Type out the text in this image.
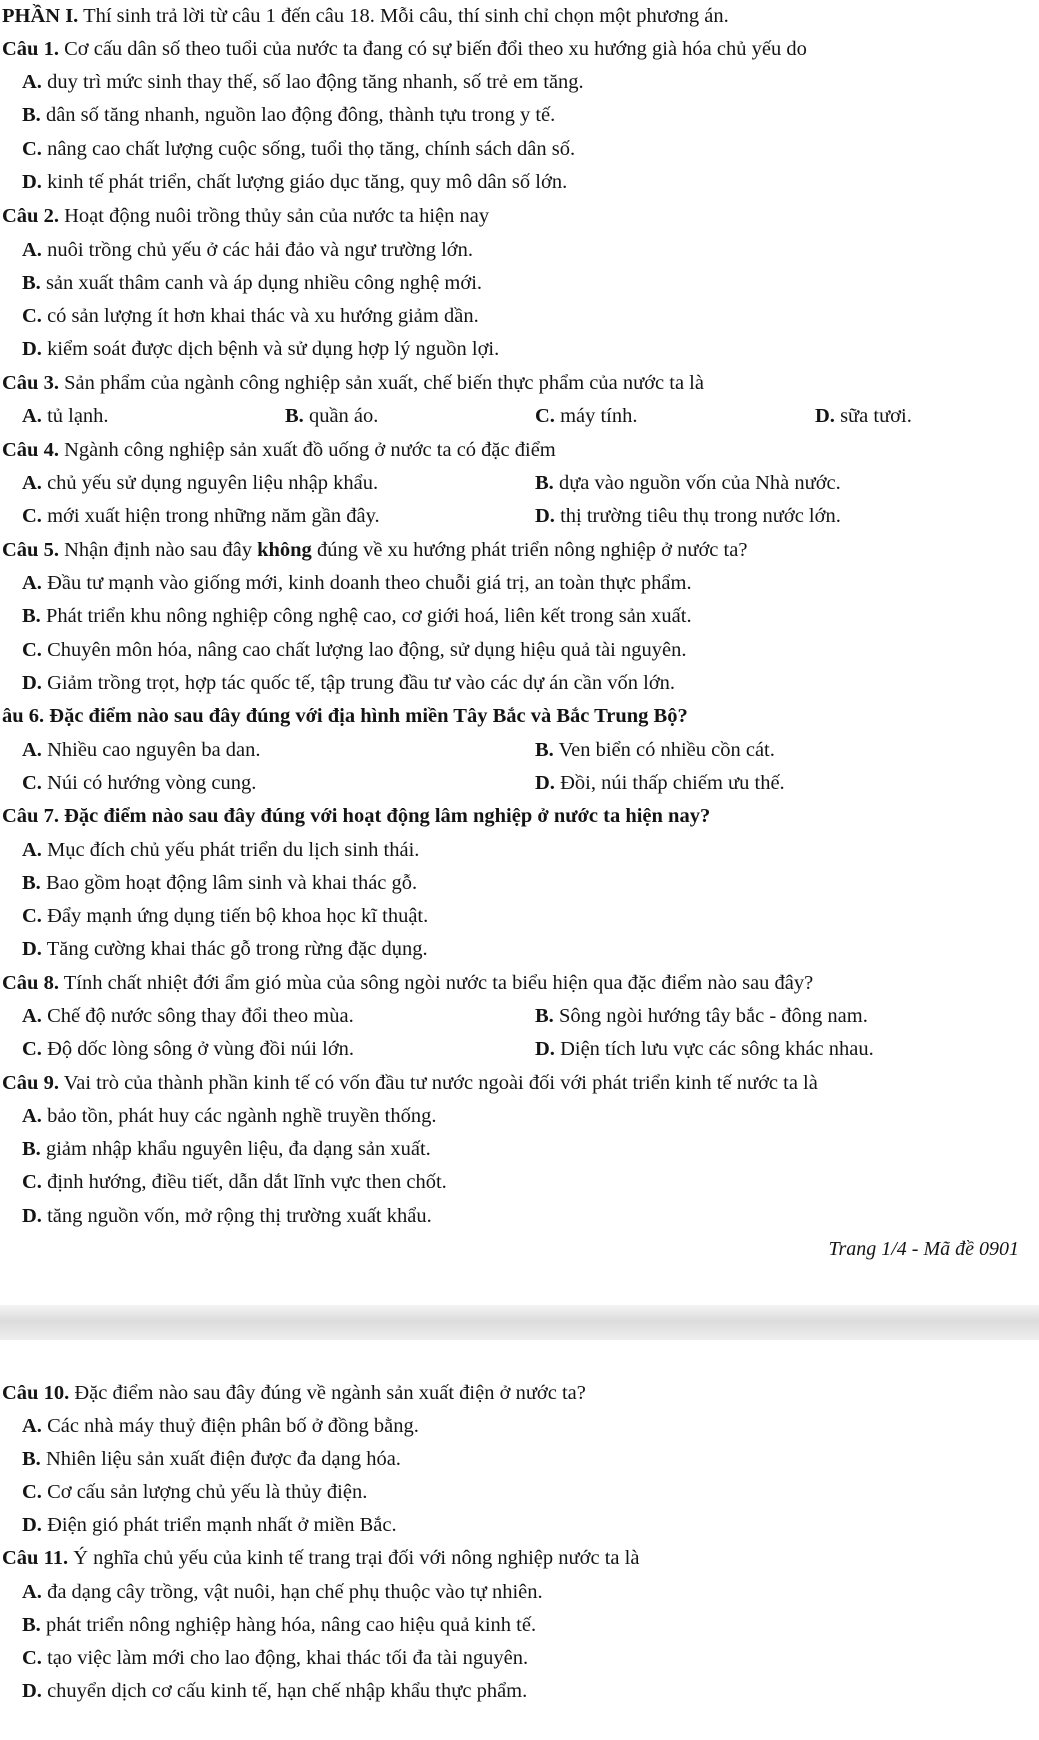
PHẦN I. Thí sinh trả lời từ câu 1 đến câu 18. Mỗi câu, thí sinh chỉ chọn một phương án.
Câu 1. Cơ cấu dân số theo tuổi của nước ta đang có sự biến đổi theo xu hướng già hóa chủ yếu do
A. duy trì mức sinh thay thế, số lao động tăng nhanh, số trẻ em tăng.
B. dân số tăng nhanh, nguồn lao động đông, thành tựu trong y tế.
C. nâng cao chất lượng cuộc sống, tuổi thọ tăng, chính sách dân số.
D. kinh tế phát triển, chất lượng giáo dục tăng, quy mô dân số lớn.
Câu 2. Hoạt động nuôi trồng thủy sản của nước ta hiện nay
A. nuôi trồng chủ yếu ở các hải đảo và ngư trường lớn.
B. sản xuất thâm canh và áp dụng nhiều công nghệ mới.
C. có sản lượng ít hơn khai thác và xu hướng giảm dần.
D. kiểm soát được dịch bệnh và sử dụng hợp lý nguồn lợi.
Câu 3. Sản phẩm của ngành công nghiệp sản xuất, chế biến thực phẩm của nước ta là
A. tủ lạnh.	B. quần áo.	C. máy tính.	D. sữa tươi.
Câu 4. Ngành công nghiệp sản xuất đồ uống ở nước ta có đặc điểm
A. chủ yếu sử dụng nguyên liệu nhập khẩu.	B. dựa vào nguồn vốn của Nhà nước.
C. mới xuất hiện trong những năm gần đây.	D. thị trường tiêu thụ trong nước lớn.
Câu 5. Nhận định nào sau đây không đúng về xu hướng phát triển nông nghiệp ở nước ta?
A. Đầu tư mạnh vào giống mới, kinh doanh theo chuỗi giá trị, an toàn thực phẩm.
B. Phát triển khu nông nghiệp công nghệ cao, cơ giới hoá, liên kết trong sản xuất.
C. Chuyên môn hóa, nâng cao chất lượng lao động, sử dụng hiệu quả tài nguyên.
D. Giảm trồng trọt, hợp tác quốc tế, tập trung đầu tư vào các dự án cần vốn lớn.
âu 6. Đặc điểm nào sau đây đúng với địa hình miền Tây Bắc và Bắc Trung Bộ?
A. Nhiều cao nguyên ba dan.	B. Ven biển có nhiều cồn cát.
C. Núi có hướng vòng cung.	D. Đồi, núi thấp chiếm ưu thế.
Câu 7. Đặc điểm nào sau đây đúng với hoạt động lâm nghiệp ở nước ta hiện nay?
A. Mục đích chủ yếu phát triển du lịch sinh thái.
B. Bao gồm hoạt động lâm sinh và khai thác gỗ.
C. Đẩy mạnh ứng dụng tiến bộ khoa học kĩ thuật.
D. Tăng cường khai thác gỗ trong rừng đặc dụng.
Câu 8. Tính chất nhiệt đới ẩm gió mùa của sông ngòi nước ta biểu hiện qua đặc điểm nào sau đây?
A. Chế độ nước sông thay đổi theo mùa.	B. Sông ngòi hướng tây bắc - đông nam.
C. Độ dốc lòng sông ở vùng đồi núi lớn.	D. Diện tích lưu vực các sông khác nhau.
Câu 9. Vai trò của thành phần kinh tế có vốn đầu tư nước ngoài đối với phát triển kinh tế nước ta là
A. bảo tồn, phát huy các ngành nghề truyền thống.
B. giảm nhập khẩu nguyên liệu, đa dạng sản xuất.
C. định hướng, điều tiết, dẫn dắt lĩnh vực then chốt.
D. tăng nguồn vốn, mở rộng thị trường xuất khẩu.
Trang 1/4 - Mã đề 0901
Câu 10. Đặc điểm nào sau đây đúng về ngành sản xuất điện ở nước ta?
A. Các nhà máy thuỷ điện phân bố ở đồng bằng.
B. Nhiên liệu sản xuất điện được đa dạng hóa.
C. Cơ cấu sản lượng chủ yếu là thủy điện.
D. Điện gió phát triển mạnh nhất ở miền Bắc.
Câu 11. Ý nghĩa chủ yếu của kinh tế trang trại đối với nông nghiệp nước ta là
A. đa dạng cây trồng, vật nuôi, hạn chế phụ thuộc vào tự nhiên.
B. phát triển nông nghiệp hàng hóa, nâng cao hiệu quả kinh tế.
C. tạo việc làm mới cho lao động, khai thác tối đa tài nguyên.
D. chuyển dịch cơ cấu kinh tế, hạn chế nhập khẩu thực phẩm.
